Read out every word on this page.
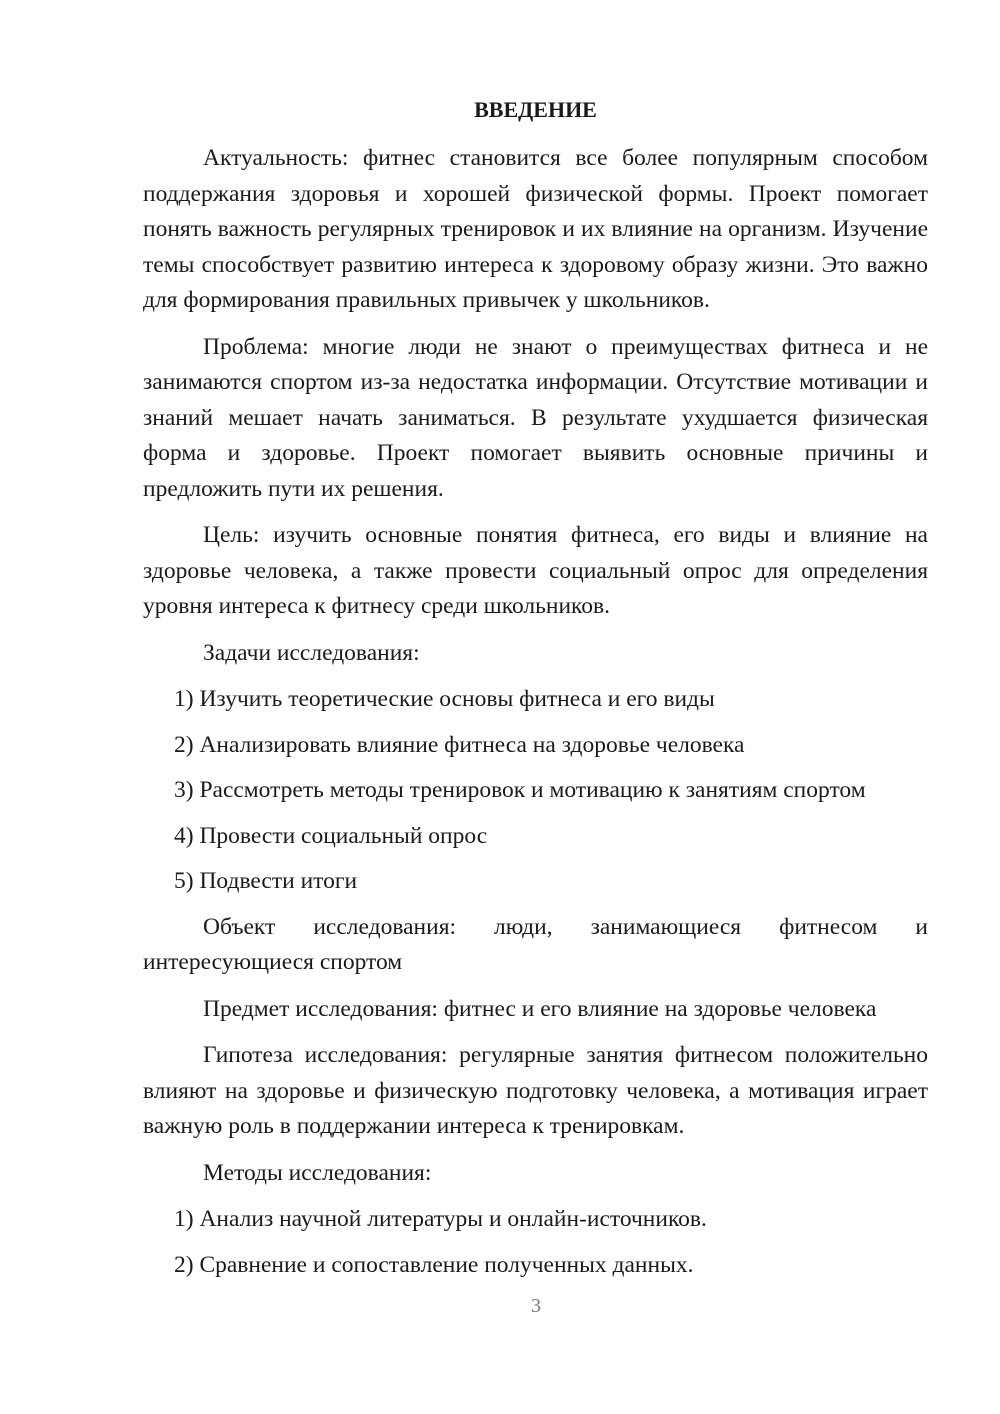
ВВЕДЕНИЕ

Актуальность: фитнес становится все более популярным способом поддержания здоровья и хорошей физической формы. Проект помогает понять важность регулярных тренировок и их влияние на организм. Изучение темы способствует развитию интереса к здоровому образу жизни. Это важно для формирования правильных привычек у школьников.

Проблема: многие люди не знают о преимуществах фитнеса и не занимаются спортом из-за недостатка информации. Отсутствие мотивации и знаний мешает начать заниматься. В результате ухудшается физическая форма и здоровье. Проект помогает выявить основные причины и предложить пути их решения.

Цель: изучить основные понятия фитнеса, его виды и влияние на здоровье человека, а также провести социальный опрос для определения уровня интереса к фитнесу среди школьников.

Задачи исследования:

1) Изучить теоретические основы фитнеса и его виды
2) Анализировать влияние фитнеса на здоровье человека
3) Рассмотреть методы тренировок и мотивацию к занятиям спортом
4) Провести социальный опрос
5) Подвести итоги

Объект исследования: люди, занимающиеся фитнесом и интересующиеся спортом

Предмет исследования: фитнес и его влияние на здоровье человека

Гипотеза исследования: регулярные занятия фитнесом положительно влияют на здоровье и физическую подготовку человека, а мотивация играет важную роль в поддержании интереса к тренировкам.

Методы исследования:

1) Анализ научной литературы и онлайн-источников.
2) Сравнение и сопоставление полученных данных.
3
